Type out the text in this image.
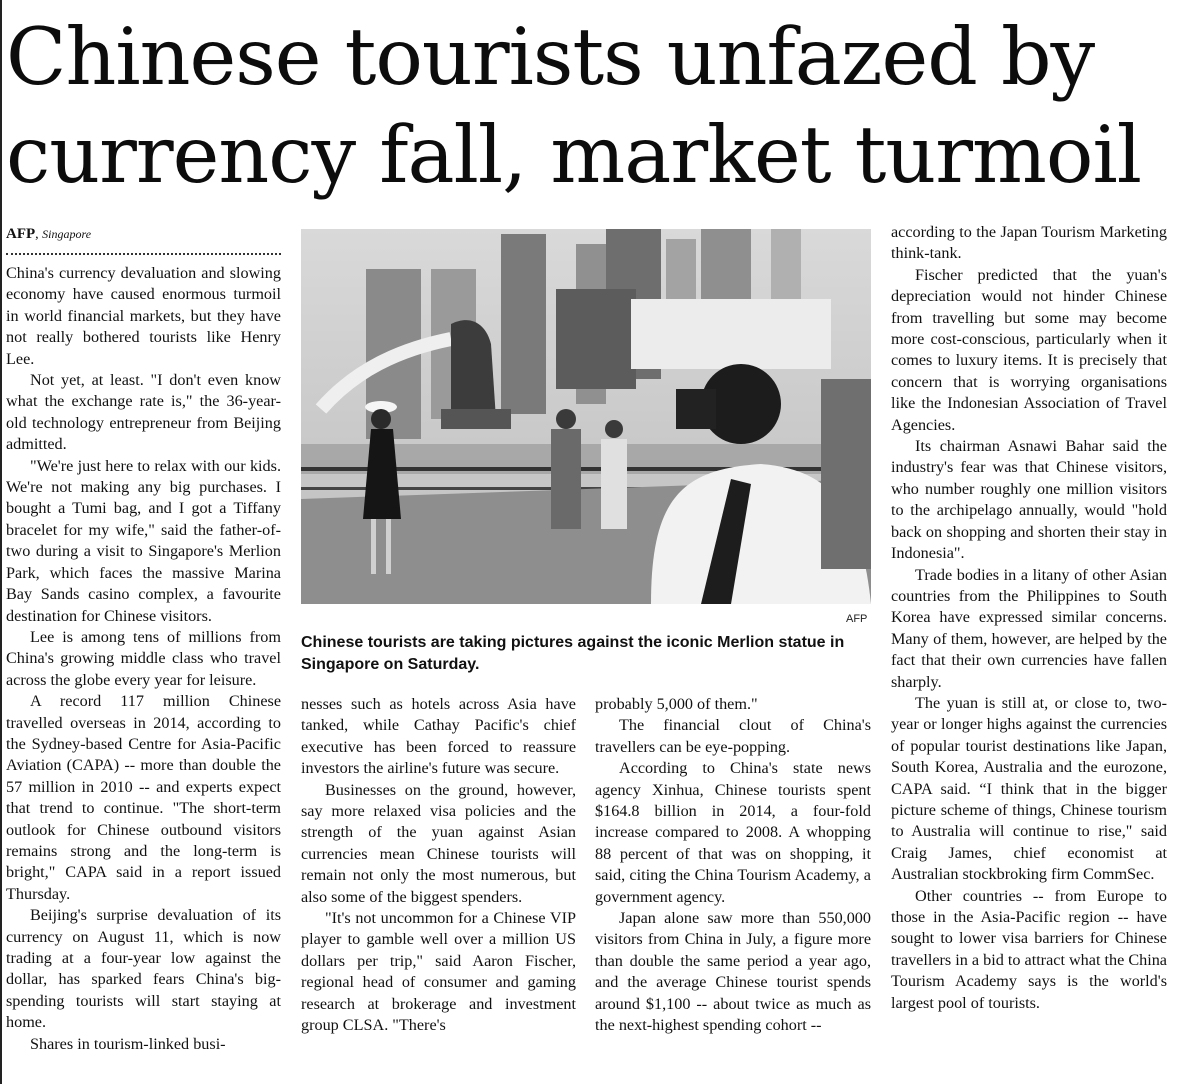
Chinese tourists unfazed by currency fall, market turmoil
AFP, Singapore

China's currency devaluation and slowing economy have caused enormous turmoil in world financial markets, but they have not really bothered tourists like Henry Lee.

Not yet, at least. "I don't even know what the exchange rate is," the 36-year-old technology entrepreneur from Beijing admitted.

"We're just here to relax with our kids. We're not making any big purchases. I bought a Tumi bag, and I got a Tiffany bracelet for my wife," said the father-of-two during a visit to Singapore's Merlion Park, which faces the massive Marina Bay Sands casino complex, a favourite destination for Chinese visitors.

Lee is among tens of millions from China's growing middle class who travel across the globe every year for leisure.

A record 117 million Chinese travelled overseas in 2014, according to the Sydney-based Centre for Asia-Pacific Aviation (CAPA) -- more than double the 57 million in 2010 -- and experts expect that trend to continue. "The short-term outlook for Chinese outbound visitors remains strong and the long-term is bright," CAPA said in a report issued Thursday.

Beijing's surprise devaluation of its currency on August 11, which is now trading at a four-year low against the dollar, has sparked fears China's big-spending tourists will start staying at home.

Shares in tourism-linked busi-

AFP

Chinese tourists are taking pictures against the iconic Merlion statue in Singapore on Saturday.

nesses such as hotels across Asia have tanked, while Cathay Pacific's chief executive has been forced to reassure investors the airline's future was secure.

Businesses on the ground, however, say more relaxed visa policies and the strength of the yuan against Asian currencies mean Chinese tourists will remain not only the most numerous, but also some of the biggest spenders.

"It's not uncommon for a Chinese VIP player to gamble well over a million US dollars per trip," said Aaron Fischer, regional head of consumer and gaming research at brokerage and investment group CLSA. "There's

probably 5,000 of them."

The financial clout of China's travellers can be eye-popping.

According to China's state news agency Xinhua, Chinese tourists spent $164.8 billion in 2014, a four-fold increase compared to 2008. A whopping 88 percent of that was on shopping, it said, citing the China Tourism Academy, a government agency.

Japan alone saw more than 550,000 visitors from China in July, a figure more than double the same period a year ago, and the average Chinese tourist spends around $1,100 -- about twice as much as the next-highest spending cohort --

according to the Japan Tourism Marketing think-tank.

Fischer predicted that the yuan's depreciation would not hinder Chinese from travelling but some may become more cost-conscious, particularly when it comes to luxury items. It is precisely that concern that is worrying organisations like the Indonesian Association of Travel Agencies.

Its chairman Asnawi Bahar said the industry's fear was that Chinese visitors, who number roughly one million visitors to the archipelago annually, would "hold back on shopping and shorten their stay in Indonesia".

Trade bodies in a litany of other Asian countries from the Philippines to South Korea have expressed similar concerns. Many of them, however, are helped by the fact that their own currencies have fallen sharply.

The yuan is still at, or close to, two-year or longer highs against the currencies of popular tourist destinations like Japan, South Korea, Australia and the eurozone, CAPA said. “I think that in the bigger picture scheme of things, Chinese tourism to Australia will continue to rise," said Craig James, chief economist at Australian stockbroking firm CommSec.

Other countries -- from Europe to those in the Asia-Pacific region -- have sought to lower visa barriers for Chinese travellers in a bid to attract what the China Tourism Academy says is the world's largest pool of tourists.
